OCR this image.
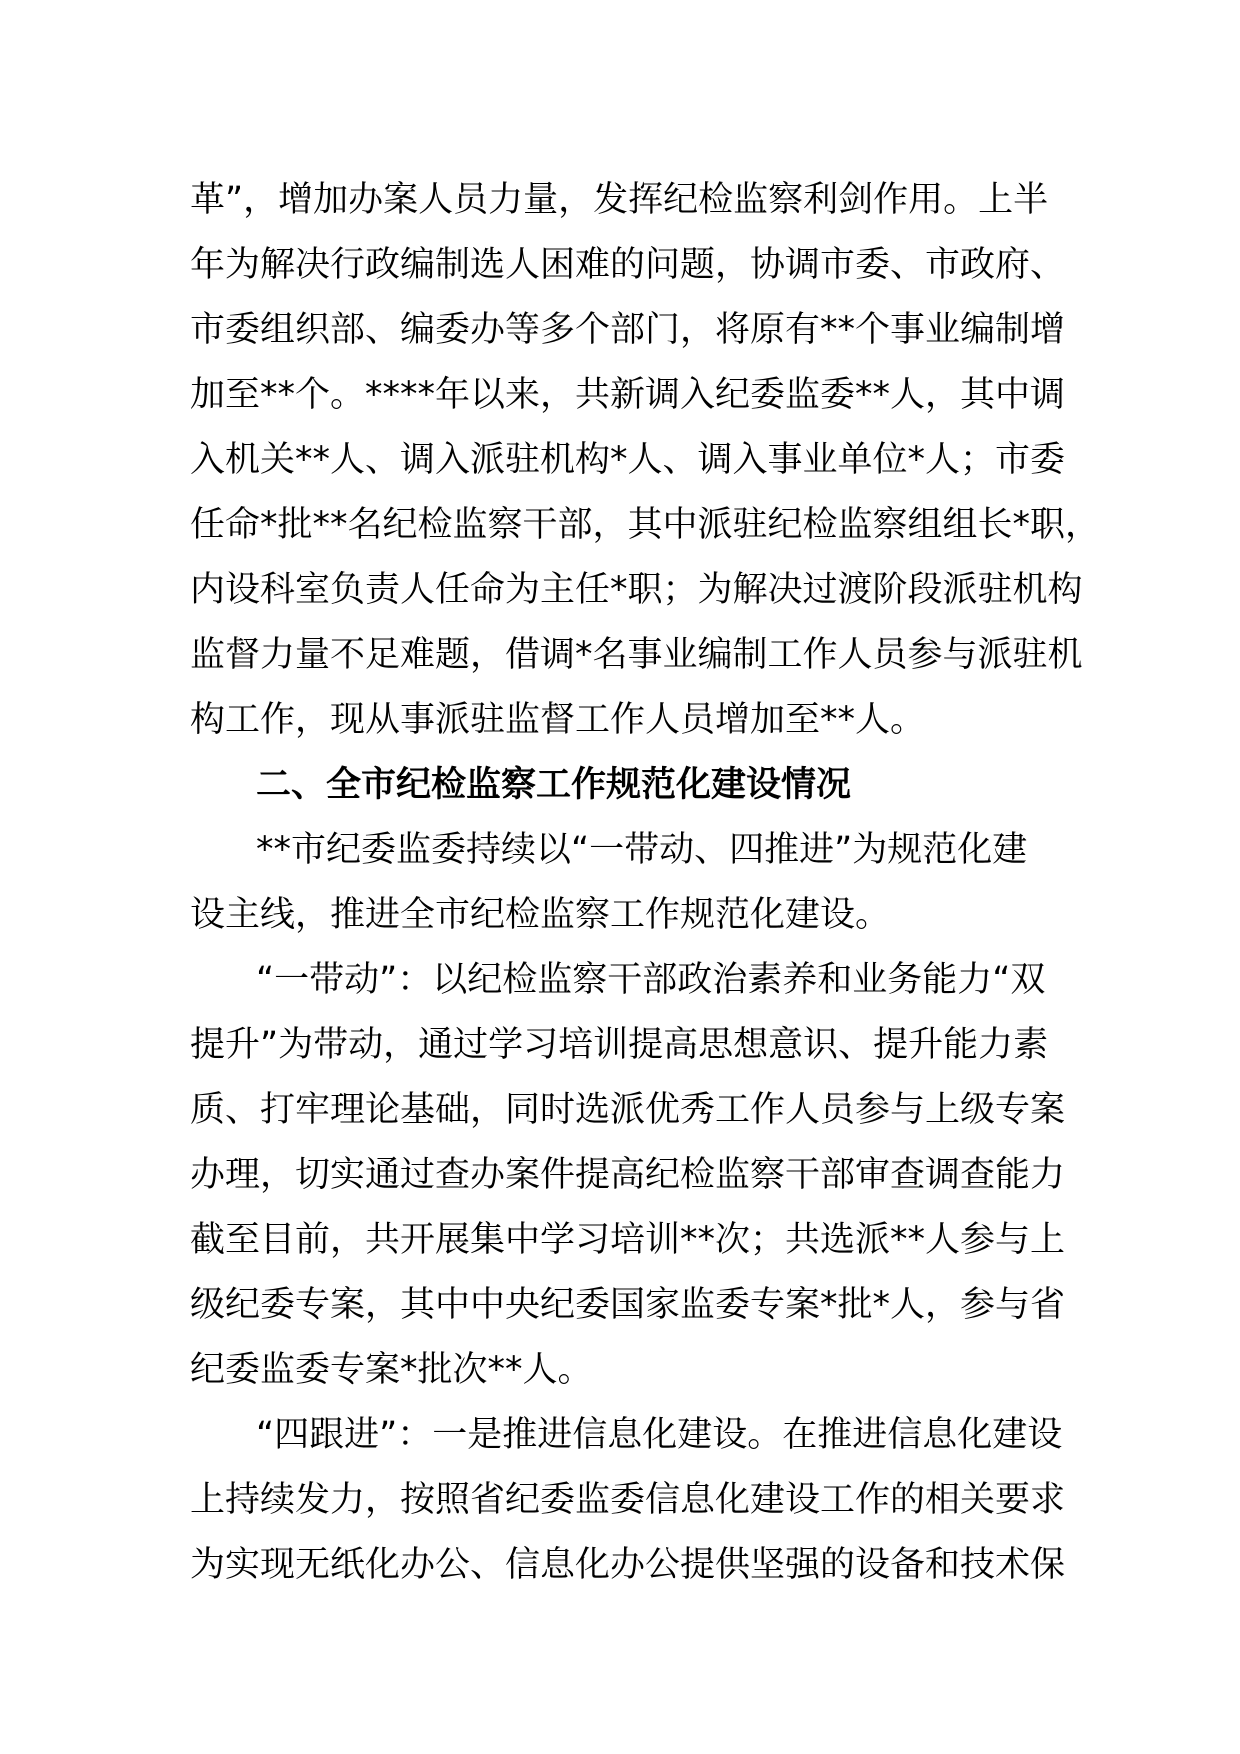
革”，增加办案人员力量，发挥纪检监察利剑作用。上半
年为解决行政编制选人困难的问题，协调市委、市政府、
市委组织部、编委办等多个部门，将原有**个事业编制增
加至**个。****年以来，共新调入纪委监委**人，其中调
入机关**人、调入派驻机构*人、调入事业单位*人；市委
任命*批**名纪检监察干部，其中派驻纪检监察组组长*职，
内设科室负责人任命为主任*职；为解决过渡阶段派驻机构
监督力量不足难题，借调*名事业编制工作人员参与派驻机
构工作，现从事派驻监督工作人员增加至**人。
二、全市纪检监察工作规范化建设情况
**市纪委监委持续以“一带动、四推进”为规范化建
设主线，推进全市纪检监察工作规范化建设。
“一带动”：以纪检监察干部政治素养和业务能力“双
提升”为带动，通过学习培训提高思想意识、提升能力素
质、打牢理论基础，同时选派优秀工作人员参与上级专案
办理，切实通过查办案件提高纪检监察干部审查调查能力
截至目前，共开展集中学习培训**次；共选派**人参与上
级纪委专案，其中中央纪委国家监委专案*批*人，参与省
纪委监委专案*批次**人。
“四跟进”：一是推进信息化建设。在推进信息化建设
上持续发力，按照省纪委监委信息化建设工作的相关要求
为实现无纸化办公、信息化办公提供坚强的设备和技术保
